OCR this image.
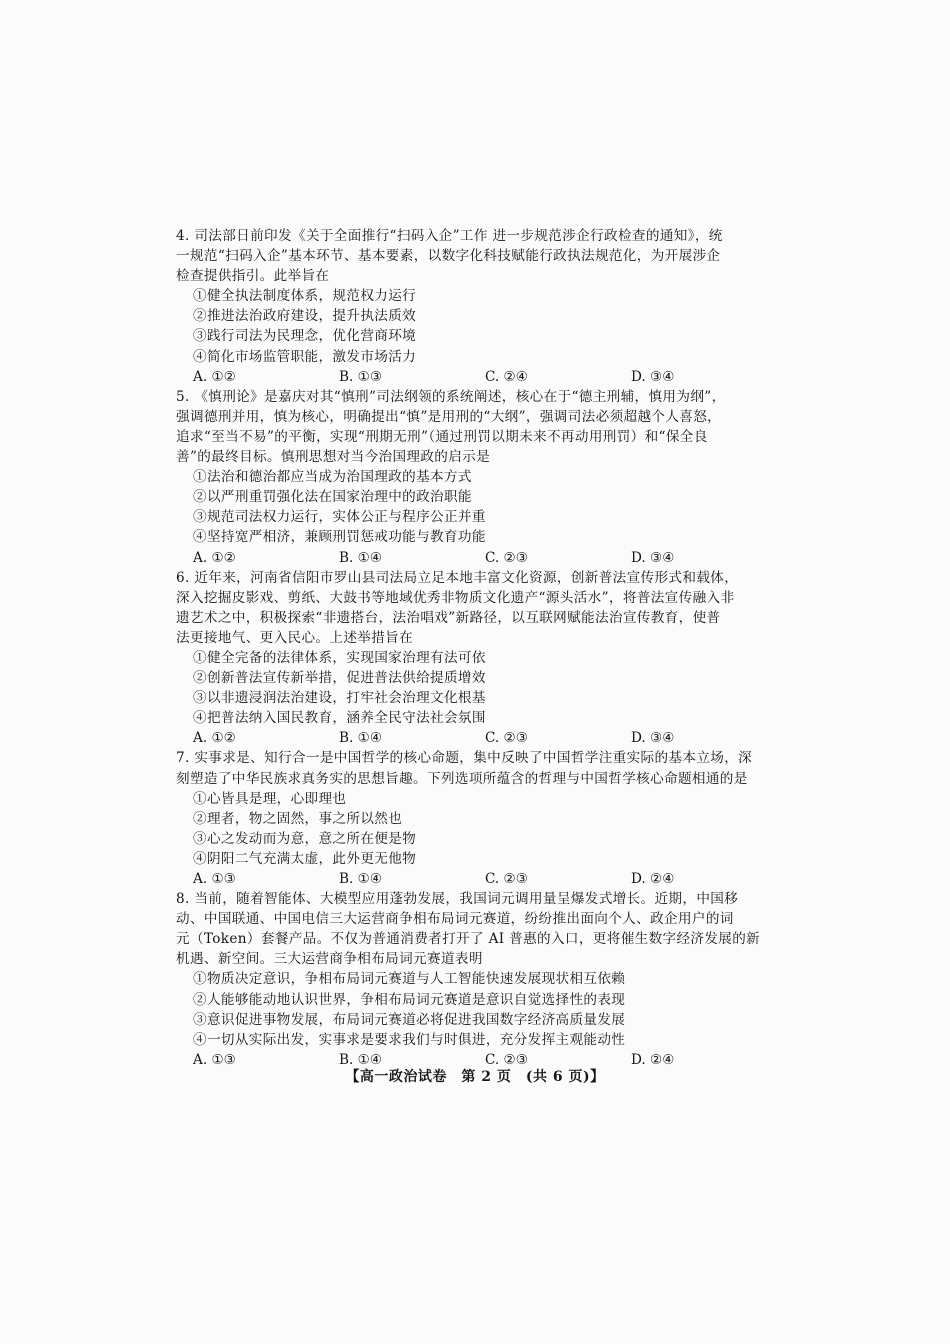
4. 司法部日前印发《关于全面推行“扫码入企”工作 进一步规范涉企行政检查的通知》，统
一规范“扫码入企”基本环节、基本要素，以数字化科技赋能行政执法规范化，为开展涉企
检查提供指引。此举旨在
①健全执法制度体系，规范权力运行
②推进法治政府建设，提升执法质效
③践行司法为民理念，优化营商环境
④简化市场监管职能，激发市场活力
A. ①②	B. ①③	C. ②④	D. ③④
5. 《慎刑论》是嘉庆对其“慎刑”司法纲领的系统阐述，核心在于“德主刑辅，慎用为纲”，
强调德刑并用，慎为核心，明确提出“慎”是用刑的“大纲”，强调司法必须超越个人喜怒，
追求“至当不易”的平衡，实现“刑期无刑”（通过刑罚以期未来不再动用刑罚）和“保全良
善”的最终目标。慎刑思想对当今治国理政的启示是
①法治和德治都应当成为治国理政的基本方式
②以严刑重罚强化法在国家治理中的政治职能
③规范司法权力运行，实体公正与程序公正并重
④坚持宽严相济，兼顾刑罚惩戒功能与教育功能
A. ①②	B. ①④	C. ②③	D. ③④
6. 近年来，河南省信阳市罗山县司法局立足本地丰富文化资源，创新普法宣传形式和载体，
深入挖掘皮影戏、剪纸、大鼓书等地域优秀非物质文化遗产“源头活水”，将普法宣传融入非
遗艺术之中，积极探索“非遗搭台，法治唱戏”新路径，以互联网赋能法治宣传教育，使普
法更接地气、更入民心。上述举措旨在
①健全完备的法律体系，实现国家治理有法可依
②创新普法宣传新举措，促进普法供给提质增效
③以非遗浸润法治建设，打牢社会治理文化根基
④把普法纳入国民教育，涵养全民守法社会氛围
A. ①②	B. ①④	C. ②③	D. ③④
7. 实事求是、知行合一是中国哲学的核心命题，集中反映了中国哲学注重实际的基本立场，深
刻塑造了中华民族求真务实的思想旨趣。下列选项所蕴含的哲理与中国哲学核心命题相通的是
①心皆具是理，心即理也
②理者，物之固然，事之所以然也
③心之发动而为意，意之所在便是物
④阴阳二气充满太虚，此外更无他物
A. ①③	B. ①④	C. ②③	D. ②④
8. 当前，随着智能体、大模型应用蓬勃发展，我国词元调用量呈爆发式增长。近期，中国移
动、中国联通、中国电信三大运营商争相布局词元赛道，纷纷推出面向个人、政企用户的词
元（Token）套餐产品。不仅为普通消费者打开了 AI 普惠的入口，更将催生数字经济发展的新
机遇、新空间。三大运营商争相布局词元赛道表明
①物质决定意识，争相布局词元赛道与人工智能快速发展现状相互依赖
②人能够能动地认识世界，争相布局词元赛道是意识自觉选择性的表现
③意识促进事物发展，布局词元赛道必将促进我国数字经济高质量发展
④一切从实际出发，实事求是要求我们与时俱进，充分发挥主观能动性
A. ①③	B. ①④	C. ②③	D. ②④
【高一政治试卷　第 2 页　(共 6 页)】
